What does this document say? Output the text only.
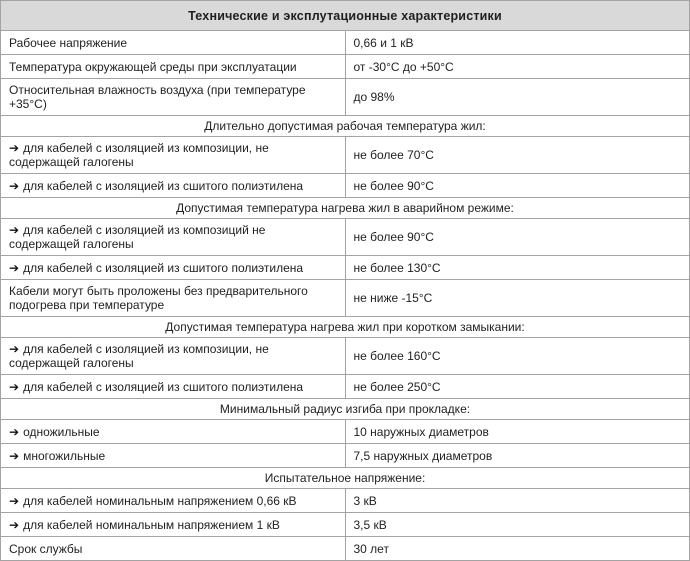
Технические и эксплутационные характеристики	
Рабочее напряжение	0,66 и 1 кВ
Температура окружающей среды при эксплуатации	от -30°С до +50°С
Относительная влажность воздуха (при температуре +35°С)	до 98%
Длительно допустимая рабочая температура жил:	
➔ для кабелей с изоляцией из композиции, не содержащей галогены	не более 70°С
➔ для кабелей с изоляцией из сшитого полиэтилена	не более 90°С
Допустимая температура нагрева жил в аварийном режиме:	
➔ для кабелей с изоляцией из композиций не содержащей галогены	не более 90°С
➔ для кабелей с изоляцией из сшитого полиэтилена	не более 130°С
Кабели могут быть проложены без предварительного подогрева при температуре	не ниже -15°С
Допустимая температура нагрева жил при коротком замыкании:	
➔ для кабелей с изоляцией из композиции, не содержащей галогены	не более 160°С
➔ для кабелей с изоляцией из сшитого полиэтилена	не более 250°С
Минимальный радиус изгиба при прокладке:	
➔ одножильные	10 наружных диаметров
➔ многожильные	7,5 наружных диаметров
Испытательное напряжение:	
➔ для кабелей номинальным напряжением 0,66 кВ	3 кВ
➔ для кабелей номинальным напряжением 1 кВ	3,5 кВ
Срок службы	30 лет
